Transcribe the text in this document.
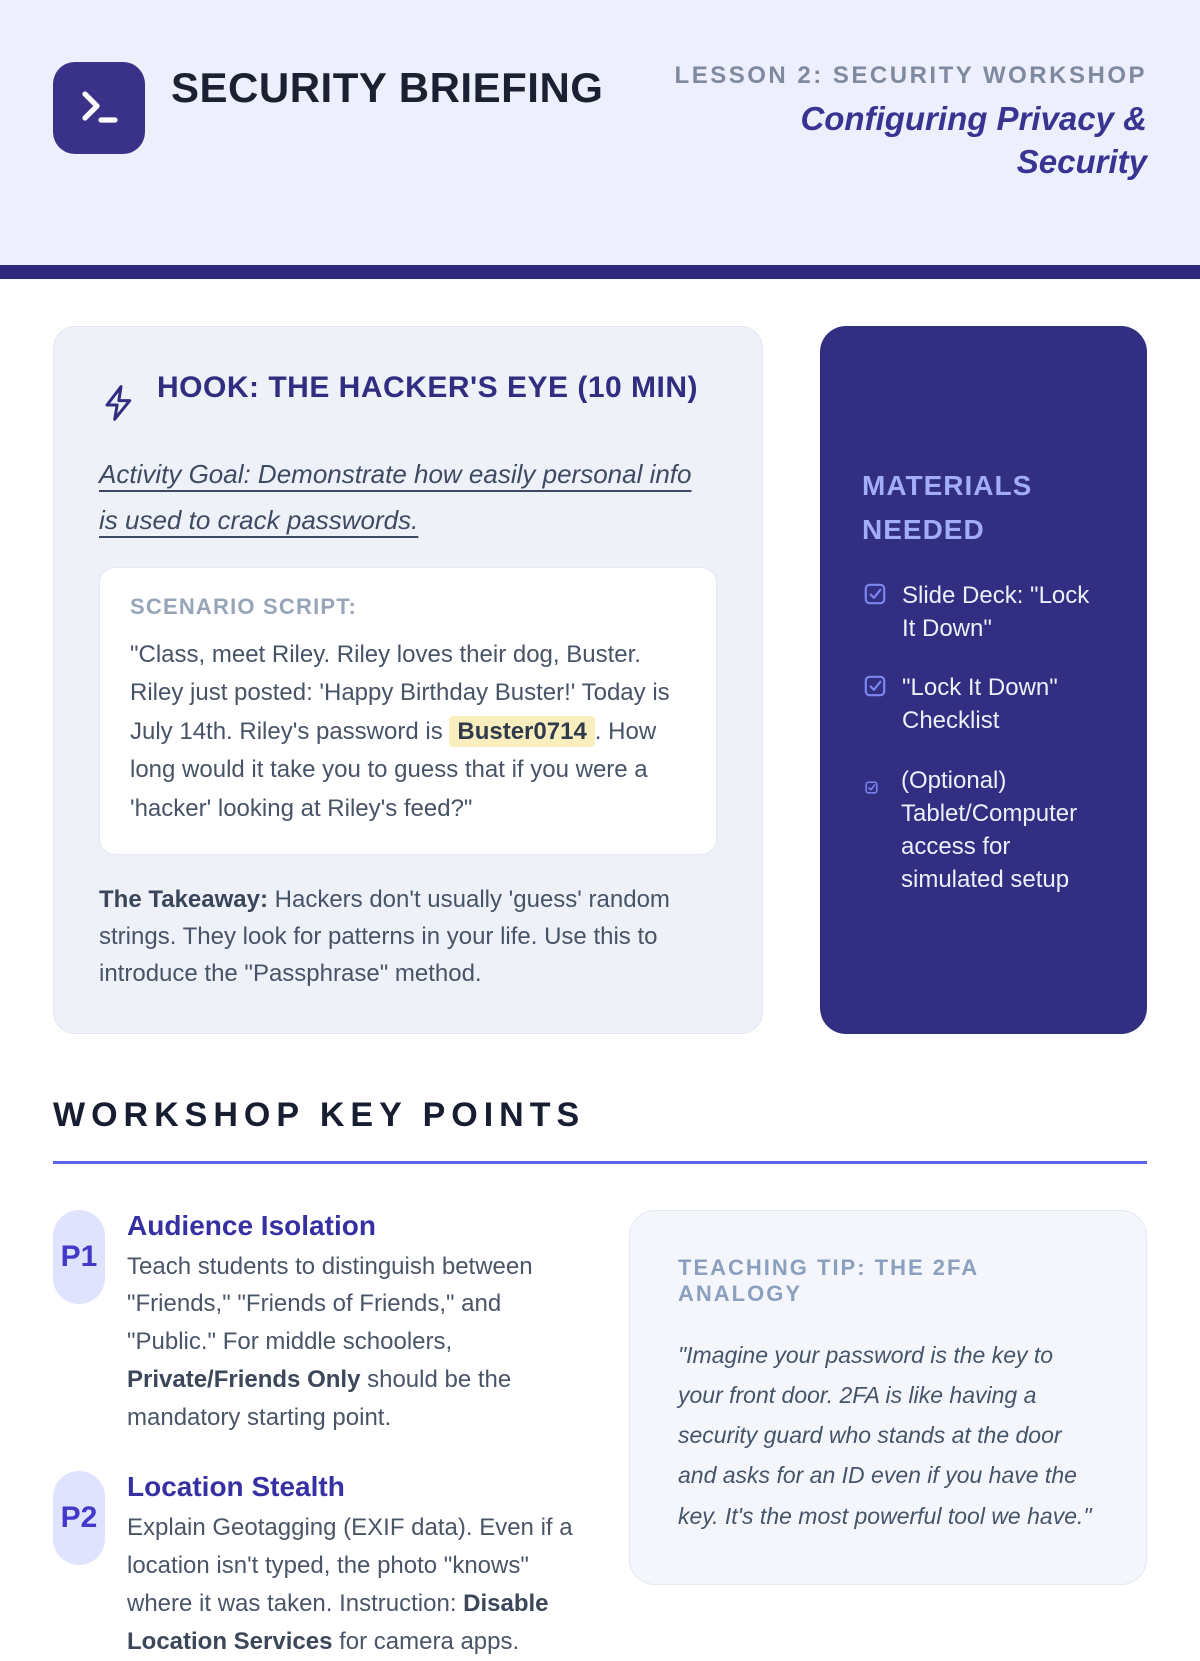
SECURITY BRIEFING	LESSON 2: SECURITY WORKSHOP
Configuring Privacy & Security
HOOK: THE HACKER'S EYE (10 MIN)

Activity Goal: Demonstrate how easily personal info is used to crack passwords.

SCENARIO SCRIPT:

"Class, meet Riley. Riley loves their dog, Buster. Riley just posted: 'Happy Birthday Buster!' Today is July 14th. Riley's password is Buster0714 . How long would it take you to guess that if you were a 'hacker' looking at Riley's feed?"

The Takeaway: Hackers don't usually 'guess' random strings. They look for patterns in your life. Use this to introduce the "Passphrase" method.

MATERIALS NEEDED
Slide Deck: "Lock It Down"
"Lock It Down" Checklist
(Optional) Tablet/Computer access for simulated setup
WORKSHOP KEY POINTS
P1
Audience Isolation

Teach students to distinguish between "Friends," "Friends of Friends," and "Public." For middle schoolers, Private/Friends Only should be the mandatory starting point.

P2
Location Stealth

Explain Geotagging (EXIF data). Even if a location isn't typed, the photo "knows" where it was taken. Instruction: Disable Location Services for camera apps.

TEACHING TIP: THE 2FA ANALOGY

"Imagine your password is the key to your front door. 2FA is like having a security guard who stands at the door and asks for an ID even if you have the key. It's the most powerful tool we have."
